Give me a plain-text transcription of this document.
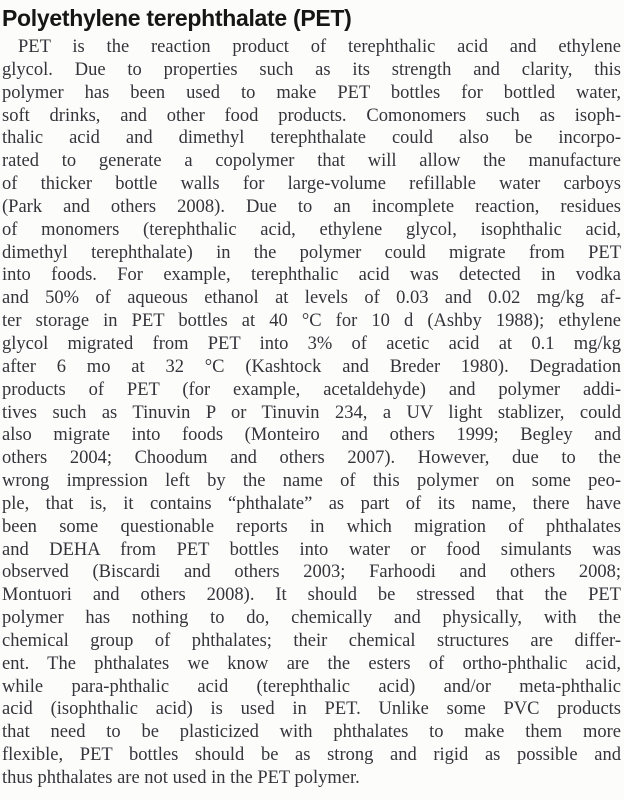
Polyethylene terephthalate (PET)
PET is the reaction product of terephthalic acid and ethylene
glycol. Due to properties such as its strength and clarity, this
polymer has been used to make PET bottles for bottled water,
soft drinks, and other food products. Comonomers such as isoph-
thalic acid and dimethyl terephthalate could also be incorpo-
rated to generate a copolymer that will allow the manufacture
of thicker bottle walls for large-volume refillable water carboys
(Park and others 2008). Due to an incomplete reaction, residues
of monomers (terephthalic acid, ethylene glycol, isophthalic acid,
dimethyl terephthalate) in the polymer could migrate from PET
into foods. For example, terephthalic acid was detected in vodka
and 50% of aqueous ethanol at levels of 0.03 and 0.02 mg/kg af-
ter storage in PET bottles at 40 °C for 10 d (Ashby 1988); ethylene
glycol migrated from PET into 3% of acetic acid at 0.1 mg/kg
after 6 mo at 32 °C (Kashtock and Breder 1980). Degradation
products of PET (for example, acetaldehyde) and polymer addi-
tives such as Tinuvin P or Tinuvin 234, a UV light stablizer, could
also migrate into foods (Monteiro and others 1999; Begley and
others 2004; Choodum and others 2007). However, due to the
wrong impression left by the name of this polymer on some peo-
ple, that is, it contains “phthalate” as part of its name, there have
been some questionable reports in which migration of phthalates
and DEHA from PET bottles into water or food simulants was
observed (Biscardi and others 2003; Farhoodi and others 2008;
Montuori and others 2008). It should be stressed that the PET
polymer has nothing to do, chemically and physically, with the
chemical group of phthalates; their chemical structures are differ-
ent. The phthalates we know are the esters of ortho-phthalic acid,
while para-phthalic acid (terephthalic acid) and/or meta-phthalic
acid (isophthalic acid) is used in PET. Unlike some PVC products
that need to be plasticized with phthalates to make them more
flexible, PET bottles should be as strong and rigid as possible and
thus phthalates are not used in the PET polymer.
